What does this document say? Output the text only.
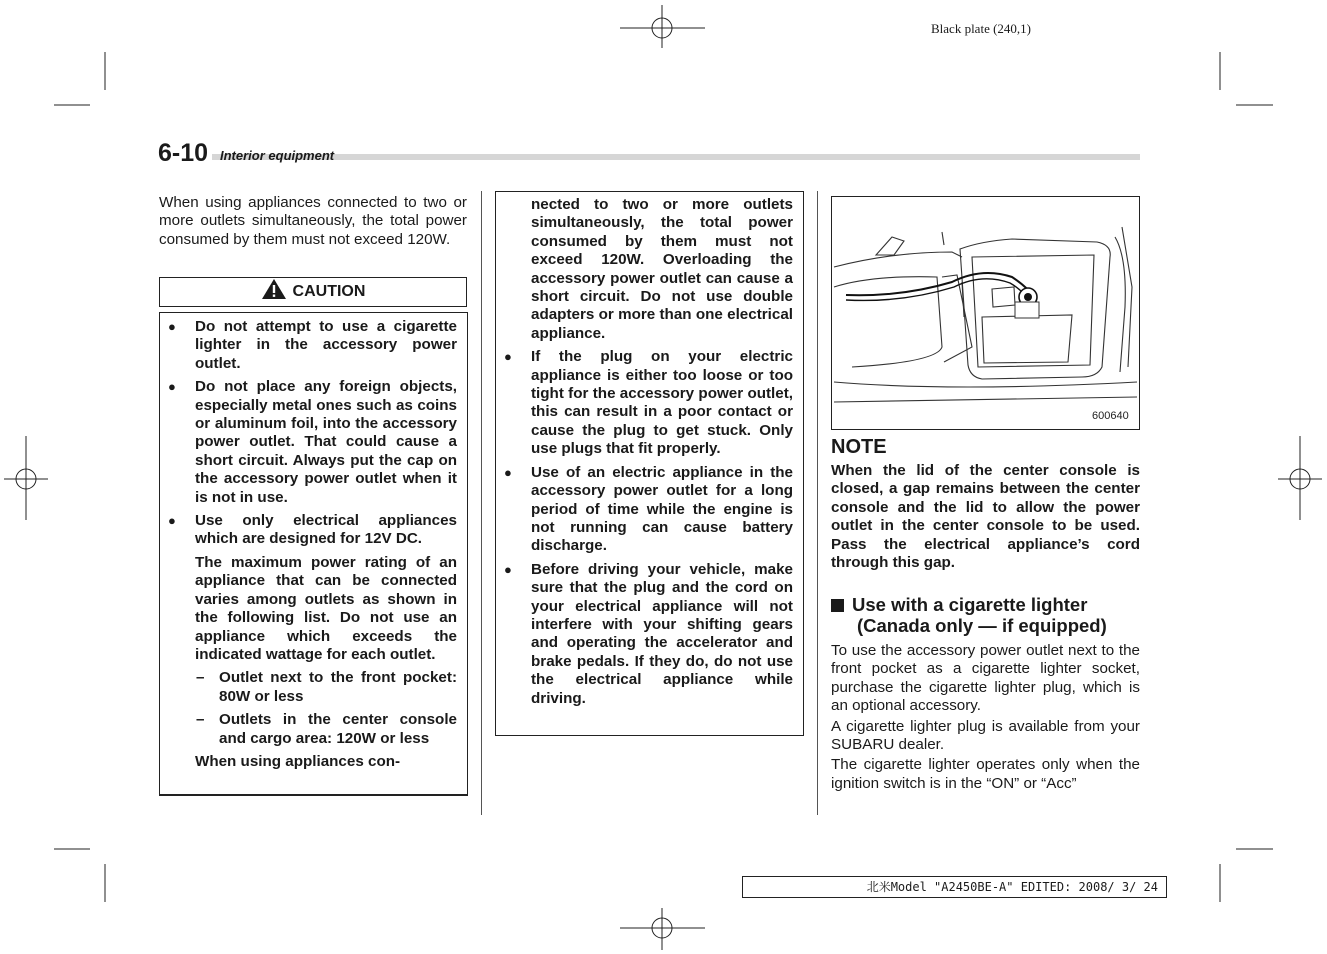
Black plate (240,1)
6-10 Interior equipment
When using appliances connected to two or more outlets simultaneously, the total power consumed by them must not exceed 120W.
CAUTION
● Do not attempt to use a cigarette lighter in the accessory power outlet.
● Do not place any foreign objects, especially metal ones such as coins or aluminum foil, into the accessory power outlet. That could cause a short circuit. Always put the cap on the accessory power outlet when it is not in use.
● Use only electrical appliances which are designed for 12V DC.
The maximum power rating of an appliance that can be connected varies among outlets as shown in the following list. Do not use an appliance which exceeds the indicated wattage for each outlet.
– Outlet next to the front pocket: 80W or less
– Outlets in the center console and cargo area: 120W or less
When using appliances con-
nected to two or more outlets simultaneously, the total power consumed by them must not exceed 120W. Overloading the accessory power outlet can cause a short circuit. Do not use double adapters or more than one electrical appliance.
● If the plug on your electric appliance is either too loose or too tight for the accessory power outlet, this can result in a poor contact or cause the plug to get stuck. Only use plugs that fit properly.
● Use of an electric appliance in the accessory power outlet for a long period of time while the engine is not running can cause battery discharge.
● Before driving your vehicle, make sure that the plug and the cord on your electrical appliance will not interfere with your shifting gears and operating the accelerator and brake pedals. If they do, do not use the electrical appliance while driving.
600640
NOTE
When the lid of the center console is closed, a gap remains between the center console and the lid to allow the power outlet in the center console to be used. Pass the electrical appliance’s cord through this gap.
Use with a cigarette lighter
(Canada only — if equipped)

To use the accessory power outlet next to the front pocket as a cigarette lighter socket, purchase the cigarette lighter plug, which is an optional accessory.

A cigarette lighter plug is available from your SUBARU dealer.

The cigarette lighter operates only when the ignition switch is in the “ON” or “Acc”

北米Model "A2450BE-A" EDITED: 2008/ 3/ 24
